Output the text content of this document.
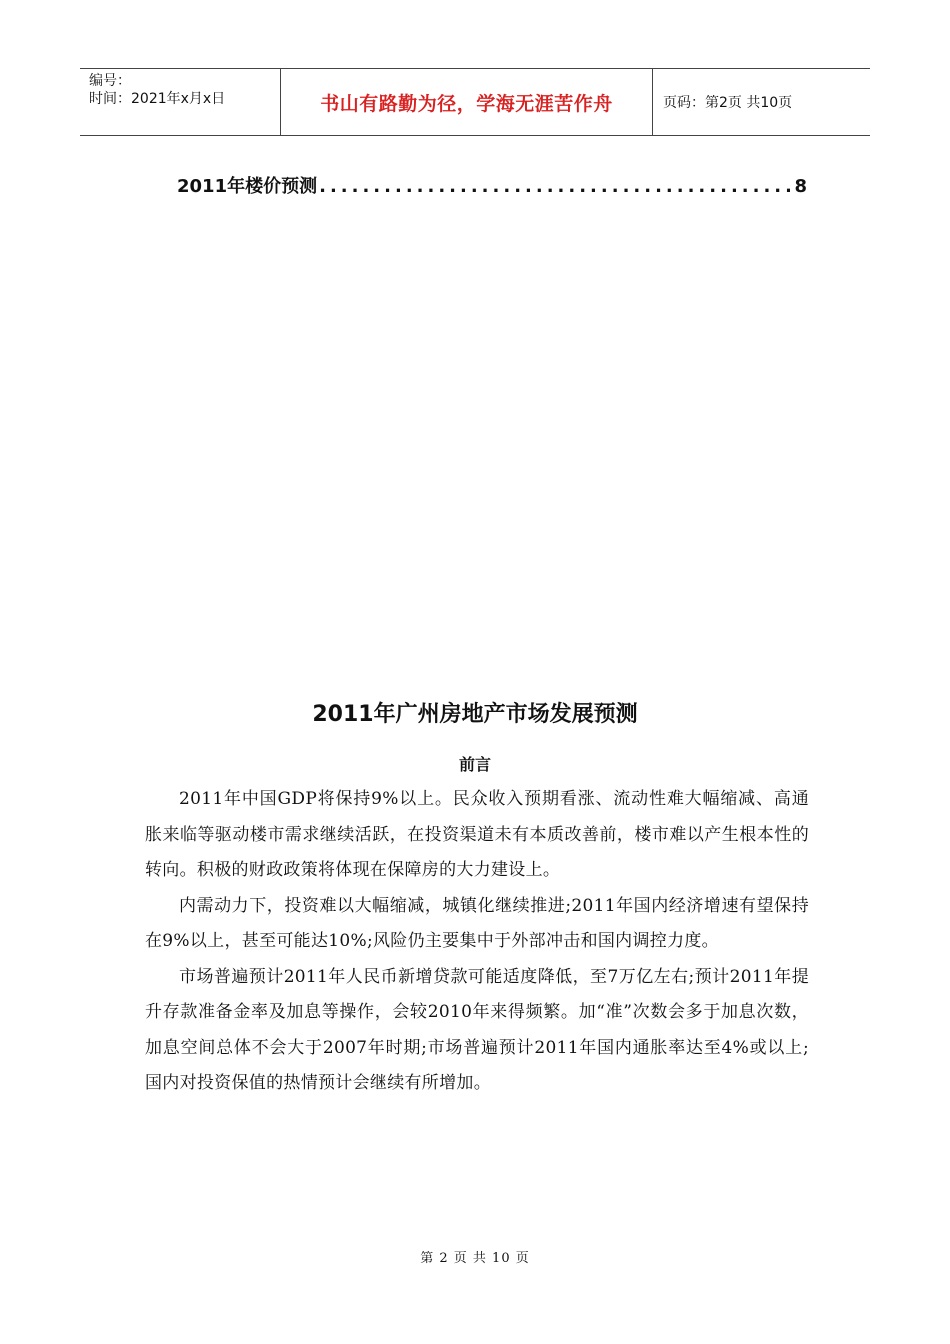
编号：
时间：2021年x月x日	书山有路勤为径，学海无涯苦作舟	页码：第2页 共10页
2011年楼价预测
.....	8
2011年广州房地产市场发展预测
前言

2011年中国GDP将保持9%以上。民众收入预期看涨、流动性难大幅缩减、高通胀来临等驱动楼市需求继续活跃，在投资渠道未有本质改善前，楼市难以产生根本性的转向。积极的财政政策将体现在保障房的大力建设上。

内需动力下，投资难以大幅缩减，城镇化继续推进;2011年国内经济增速有望保持在9%以上，甚至可能达10%;风险仍主要集中于外部冲击和国内调控力度。

市场普遍预计2011年人民币新增贷款可能适度降低，至7万亿左右;预计2011年提升存款准备金率及加息等操作，会较2010年来得频繁。加“准”次数会多于加息次数，加息空间总体不会大于2007年时期;市场普遍预计2011年国内通胀率达至4%或以上;国内对投资保值的热情预计会继续有所增加。

第 2 页 共 10 页
